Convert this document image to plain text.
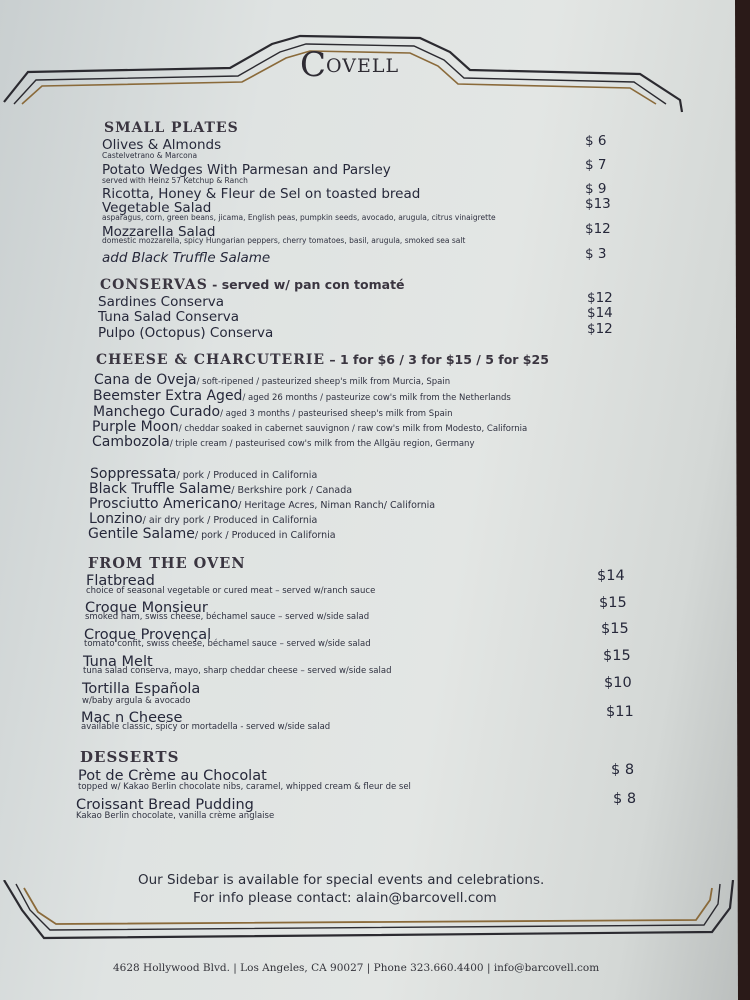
COVELL
SMALL PLATES
Olives & Almonds	$ 6
Castelvetrano & Marcona
Potato Wedges With Parmesan and Parsley	$ 7
served with Heinz 57 Ketchup & Ranch
Ricotta, Honey & Fleur de Sel on toasted bread	$ 9
Vegetable Salad	$13
asparagus, corn, green beans, jicama, English peas, pumpkin seeds, avocado, arugula, citrus vinaigrette
Mozzarella Salad	$12
domestic mozzarella, spicy Hungarian peppers, cherry tomatoes, basil, arugula, smoked sea salt
add Black Truffle Salame	$ 3
CONSERVAS - served w/ pan con tomaté
Sardines Conserva	$12
Tuna Salad Conserva	$14
Pulpo (Octopus) Conserva	$12
CHEESE & CHARCUTERIE – 1 for $6 / 3 for $15 / 5 for $25
Cana de Oveja/ soft-ripened / pasteurized sheep's milk from Murcia, Spain
Beemster Extra Aged/ aged 26 months / pasteurize cow's milk from the Netherlands
Manchego Curado/ aged 3 months / pasteurised sheep's milk from Spain
Purple Moon/ cheddar soaked in cabernet sauvignon / raw cow's milk from Modesto, California
Cambozola/ triple cream / pasteurised cow's milk from the Allgäu region, Germany
Soppressata/ pork / Produced in California
Black Truffle Salame/ Berkshire pork / Canada
Prosciutto Americano/ Heritage Acres, Niman Ranch/ California
Lonzino/ air dry pork / Produced in California
Gentile Salame/ pork / Produced in California
FROM THE OVEN
Flatbread	$14
choice of seasonal vegetable or cured meat – served w/ranch sauce
Croque Monsieur	$15
smoked ham, swiss cheese, béchamel sauce – served w/side salad
Croque Provençal	$15
tomato confit, swiss cheese, béchamel sauce – served w/side salad
Tuna Melt	$15
tuna salad conserva, mayo, sharp cheddar cheese – served w/side salad
Tortilla Española	$10
w/baby argula & avocado
Mac n Cheese	$11
available classic, spicy or mortadella - served w/side salad
DESSERTS
Pot de Crème au Chocolat	$ 8
topped w/ Kakao Berlin chocolate nibs, caramel, whipped cream & fleur de sel
Croissant Bread Pudding	$ 8
Kakao Berlin chocolate, vanilla crème anglaise
Our Sidebar is available for special events and celebrations.
For info please contact: alain@barcovell.com
4628 Hollywood Blvd. | Los Angeles, CA 90027 | Phone 323.660.4400 | info@barcovell.com
